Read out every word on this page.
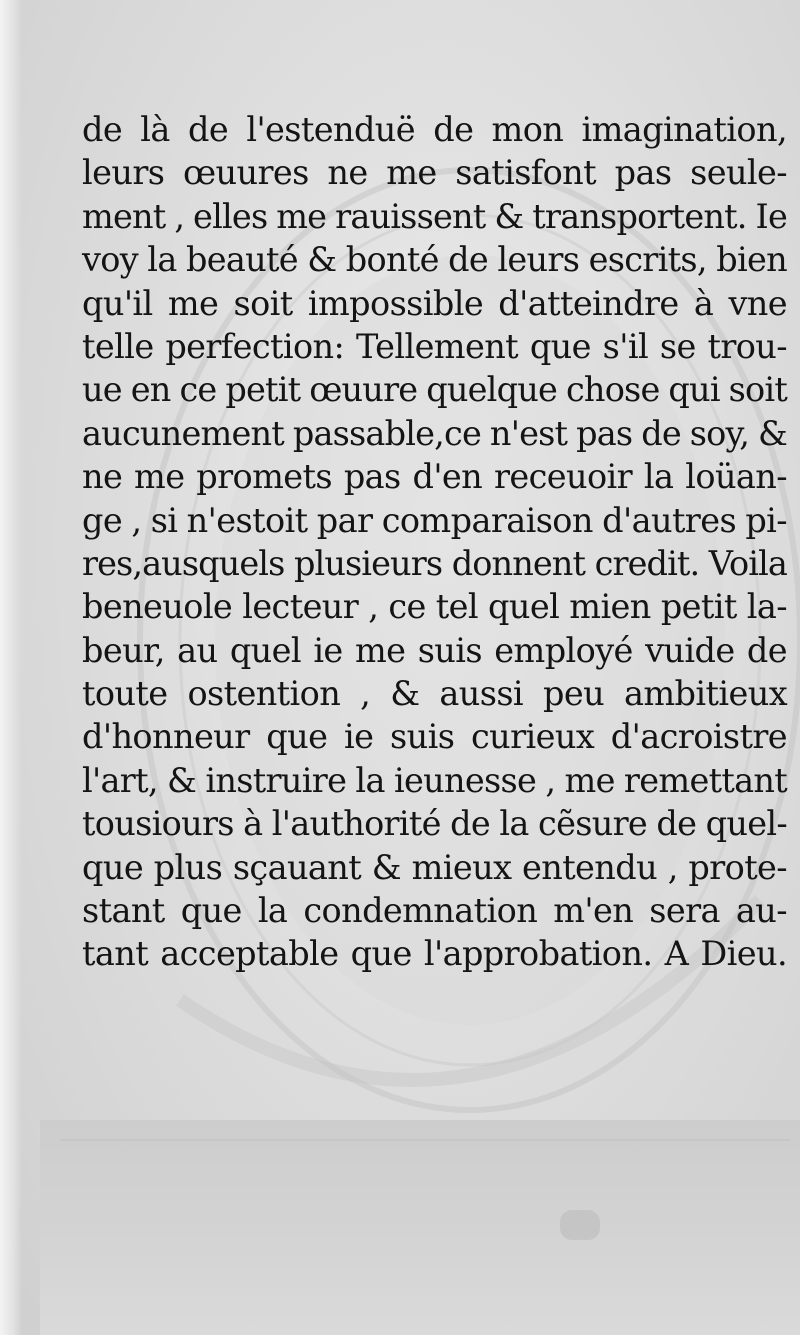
de là de l'estenduë de mon imagination,
leurs œuures ne me satisfont pas seule-
ment , elles me rauissent & transportent. Ie
voy la beauté & bonté de leurs escrits, bien
qu'il me soit impossible d'atteindre à vne
telle perfection: Tellement que s'il se trou-
ue en ce petit œuure quelque chose qui soit
aucunement passable,ce n'est pas de soy, &
ne me promets pas d'en receuoir la loüan-
ge , si n'estoit par comparaison d'autres pi-
res,ausquels plusieurs donnent credit. Voila
beneuole lecteur , ce tel quel mien petit la-
beur, au quel ie me suis employé vuide de
toute ostention , & aussi peu ambitieux
d'honneur que ie suis curieux d'acroistre
l'art, & instruire la ieunesse , me remettant
tousiours à l'authorité de la cẽsure de quel-
que plus sçauant & mieux entendu , prote-
stant que la condemnation m'en sera au-
tant acceptable que l'approbation. A Dieu.
